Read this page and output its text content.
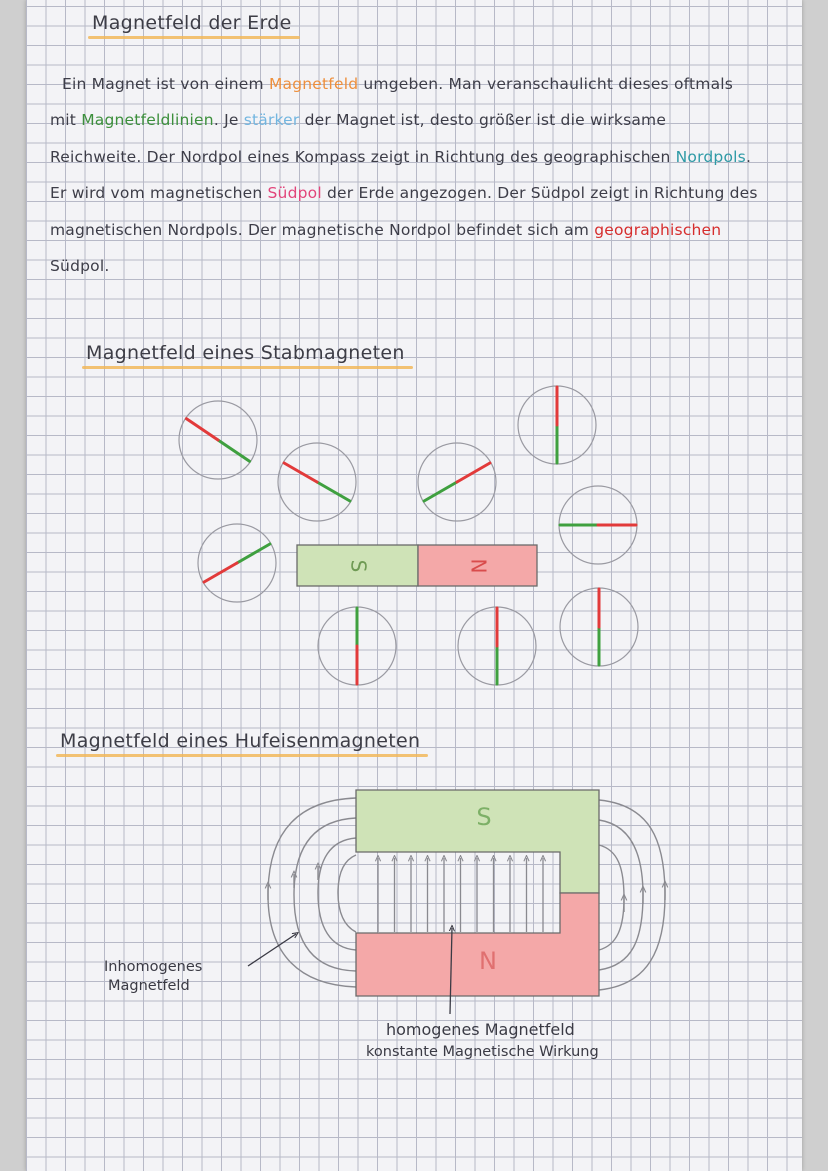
Magnetfeld der Erde

Ein Magnet ist von einem Magnetfeld umgeben. Man veranschaulicht dieses oftmals mit Magnetfeldlinien. Je stärker der Magnet ist, desto größer ist die wirksame Reichweite. Der Nordpol eines Kompass zeigt in Richtung des geographischen Nordpols. Er wird vom magnetischen Südpol der Erde angezogen. Der Südpol zeigt in Richtung des magnetischen Nordpols. Der magnetische Nordpol befindet sich am geographischen Südpol.

Magnetfeld eines Stabmagneten
S	N
S
N
Inhomogenes
Magnetfeld
homogenes Magnetfeld
konstante Magnetische Wirkung
Magnetfeld eines Hufeisenmagneten
